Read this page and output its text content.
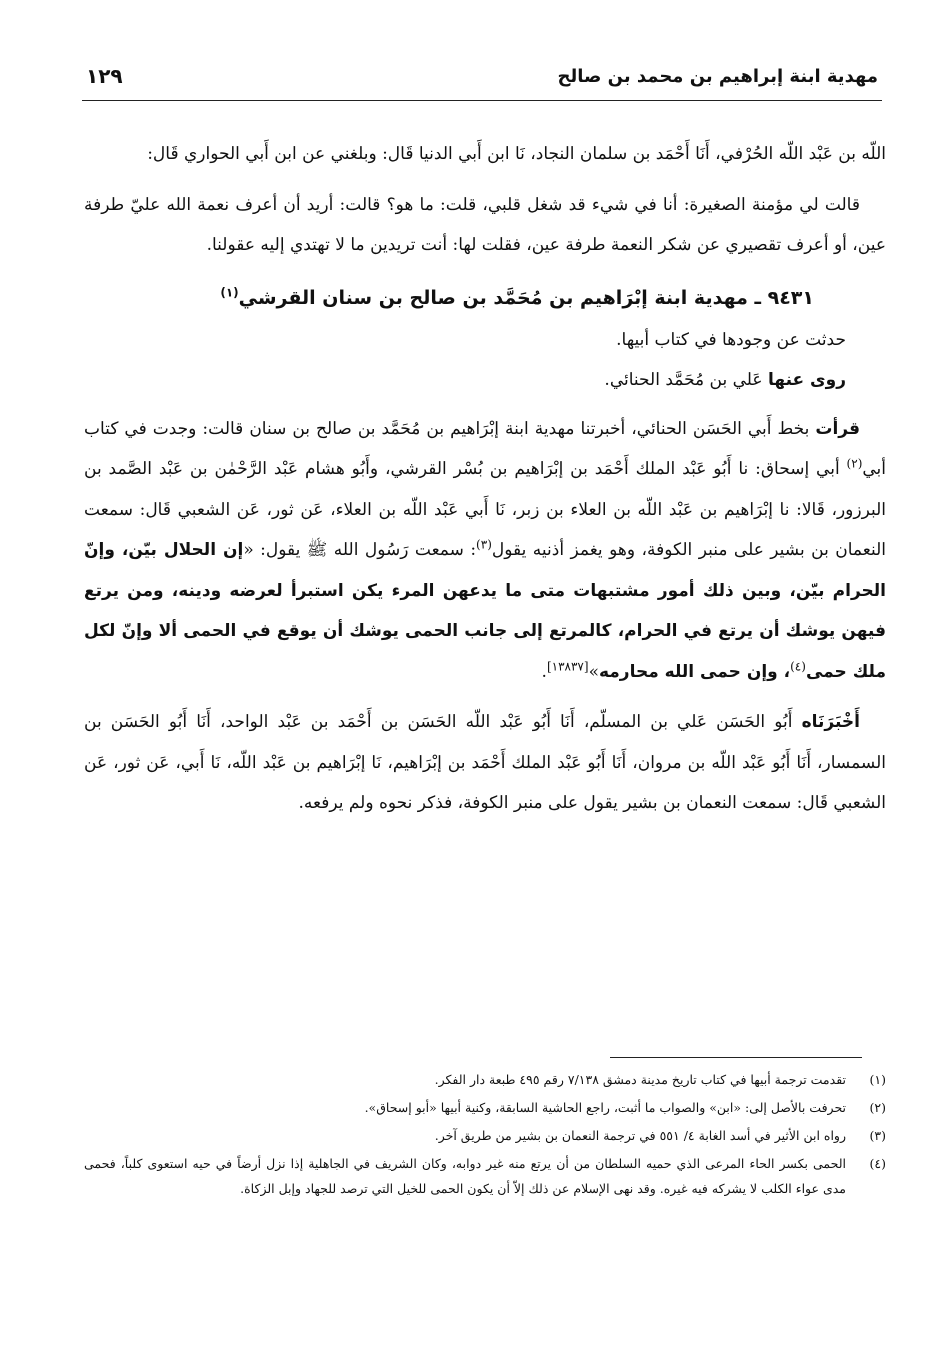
مهدية ابنة إبراهيم بن محمد بن صالح
١٢٩

اللّه بن عَبْد اللّه الحُرْفي، أَنَا أَحْمَد بن سلمان النجاد، نَا ابن أَبي الدنيا قَال: وبلغني عن ابن أَبي الحواري قَال:

قالت لي مؤمنة الصغيرة: أنا في شيء قد شغل قلبي، قلت: ما هو؟ قالت: أريد أن أعرف نعمة الله عليّ طرفة عين، أو أعرف تقصيري عن شكر النعمة طرفة عين، فقلت لها: أنت تريدين ما لا تهتدي إليه عقولنا.

٩٤٣١ ـ مهدية ابنة إبْرَاهيم بن مُحَمَّد بن صالح بن سنان القرشي$^{(١)}$

حدثت عن وجودها في كتاب أبيها.

روى عنها عَلي بن مُحَمَّد الحنائي.

قرأت بخط أَبي الحَسَن الحنائي، أخبرتنا مهدية ابنة إبْرَاهيم بن مُحَمَّد بن صالح بن سنان قالت: وجدت في كتاب أبي$^{(٢)}$ أبي إسحاق: نا أَبُو عَبْد الملك أَحْمَد بن إبْرَاهيم بن بُسْر القرشي، وأَبُو هشام عَبْد الرَّحْمٰن بن عَبْد الصَّمد بن البرزور، قَالا: نا إبْرَاهيم بن عَبْد اللّه بن العلاء بن زبر، نَا أَبي عَبْد اللّه بن العلاء، عَن ثور، عَن الشعبي قَال: سمعت النعمان بن بشير على منبر الكوفة، وهو يغمز أذنيه يقول$^{(٣)}$: سمعت رَسُول الله ﷺ يقول: «إن الحلال بيّن، وإنّ الحرام بيّن، وبين ذلك أمور مشتبهات متى ما يدعهن المرء يكن استبرأ لعرضه ودينه، ومن يرتع فيهن يوشك أن يرتع في الحرام، كالمرتع إلى جانب الحمى يوشك أن يوقع في الحمى ألا وإنّ لكل ملك حمى$^{(٤)}$، وإن حمى الله محارمه»[١٣٨٣٧].

أَخْبَرَنَاه أَبُو الحَسَن عَلي بن المسلّم، أَنَا أَبُو عَبْد اللّه الحَسَن بن أَحْمَد بن عَبْد الواحد، أَنَا أَبُو الحَسَن بن السمسار، أَنَا أَبُو عَبْد اللّه بن مروان، أَنَا أَبُو عَبْد الملك أَحْمَد بن إبْرَاهيم، نَا إبْرَاهيم بن عَبْد اللّه، نَا أَبي، عَن ثور، عَن الشعبي قَال: سمعت النعمان بن بشير يقول على منبر الكوفة، فذكر نحوه ولم يرفعه.

(١)
تقدمت ترجمة أبيها في كتاب تاريخ مدينة دمشق ٧/١٣٨ رقم ٤٩٥ طبعة دار الفكر.
(٢)
تحرفت بالأصل إلى: «ابن» والصواب ما أثبت، راجع الحاشية السابقة، وكنية أبيها «أبو إسحاق».
(٣)
رواه ابن الأثير في أسد الغابة ٤/ ٥٥١ في ترجمة النعمان بن بشير من طريق آخر.
(٤)
الحمى بكسر الحاء المرعى الذي حميه السلطان من أن يرتع منه غير دوابه، وكان الشريف في الجاهلية إذا نزل أرضاً في حيه استعوى كلباً، فحمى مدى عواء الكلب لا يشركه فيه غيره. وقد نهى الإسلام عن ذلك إلاّ أن يكون الحمى للخيل التي ترصد للجهاد وإبل الزكاة.
